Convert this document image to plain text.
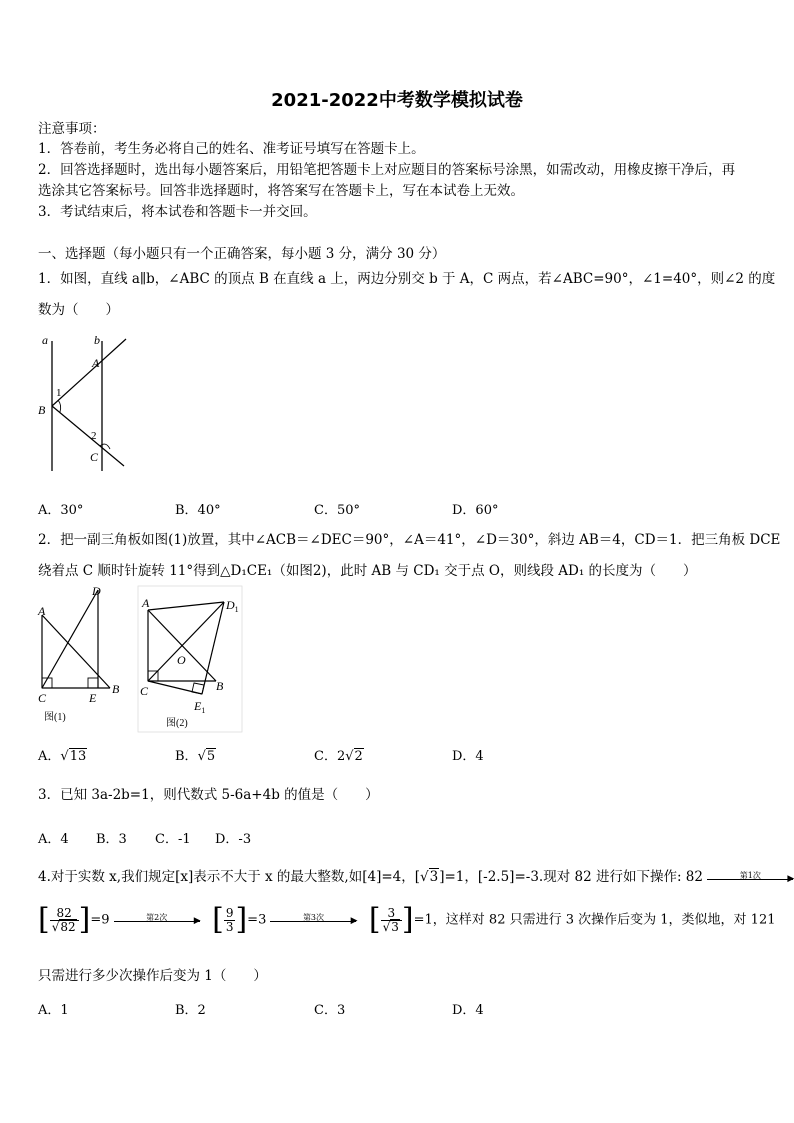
2021-2022中考数学模拟试卷
注意事项：
1．答卷前，考生务必将自己的姓名、准考证号填写在答题卡上。
2．回答选择题时，选出每小题答案后，用铅笔把答题卡上对应题目的答案标号涂黑，如需改动，用橡皮擦干净后，再
选涂其它答案标号。回答非选择题时，将答案写在答题卡上，写在本试卷上无效。
3．考试结束后，将本试卷和答题卡一并交回。
一、选择题（每小题只有一个正确答案，每小题 3 分，满分 30 分）
1．如图，直线 a∥b，∠ABC 的顶点 B 在直线 a 上，两边分别交 b 于 A，C 两点，若∠ABC=90°，∠1=40°，则∠2 的度
数为（　　）
a	b
A
B
C
1
2
A．30°	B．40°	C．50°	D．60°
2．把一副三角板如图(1)放置，其中∠ACB＝∠DEC＝90°，∠A＝41°，∠D＝30°，斜边 AB＝4，CD＝1．把三角板 DCE
绕着点 C 顺时针旋转 11°得到△D₁CE₁（如图2)，此时 AB 与 CD₁ 交于点 O，则线段 AD₁ 的长度为（　　）
A
D
C	E
B
图(1)
A	$D_1$
O
C	B
$E_1$
图(2)
A．√13	B．√5	C．2√2	D．4
3．已知 3a-2b=1，则代数式 5-6a+4b 的值是（　　）
A．4 B．3 C．-1 D．-3
4.对于实数 x,我们规定[x]表示不大于 x 的最大整数,如[4]=4，[√3]=1，[-2.5]=-3.现对 82 进行如下操作: 82	第1次	▶
[ $\frac{82}{√82} ]=9$	第2次	▶ [ $\frac{9}{3} ]=3$	第3次	▶ [ $\frac{3}{√3} ]=1$，这样对 82 只需进行 3 次操作后变为 1，类似地，对 121
只需进行多少次操作后变为 1（　　）
A．1	B．2	C．3	D．4
